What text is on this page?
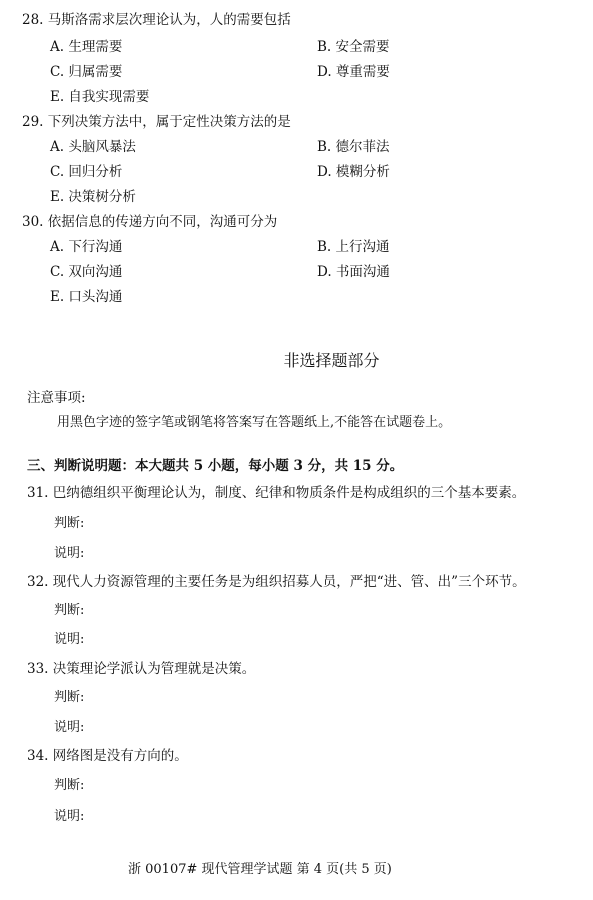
28. 马斯洛需求层次理论认为，人的需要包括
A. 生理需要	B. 安全需要
C. 归属需要	D. 尊重需要
E. 自我实现需要
29. 下列决策方法中，属于定性决策方法的是
A. 头脑风暴法	B. 德尔菲法
C. 回归分析	D. 模糊分析
E. 决策树分析
30. 依据信息的传递方向不同，沟通可分为
A. 下行沟通	B. 上行沟通
C. 双向沟通	D. 书面沟通
E. 口头沟通
非选择题部分
注意事项:
用黑色字迹的签字笔或钢笔将答案写在答题纸上,不能答在试题卷上。
三、判断说明题：本大题共 5 小题，每小题 3 分，共 15 分。
31. 巴纳德组织平衡理论认为，制度、纪律和物质条件是构成组织的三个基本要素。
判断:
说明:
32. 现代人力资源管理的主要任务是为组织招募人员，严把“进、管、出”三个环节。
判断:
说明:
33. 决策理论学派认为管理就是决策。
判断:
说明:
34. 网络图是没有方向的。
判断:
说明:
浙 00107# 现代管理学试题 第 4 页(共 5 页)
